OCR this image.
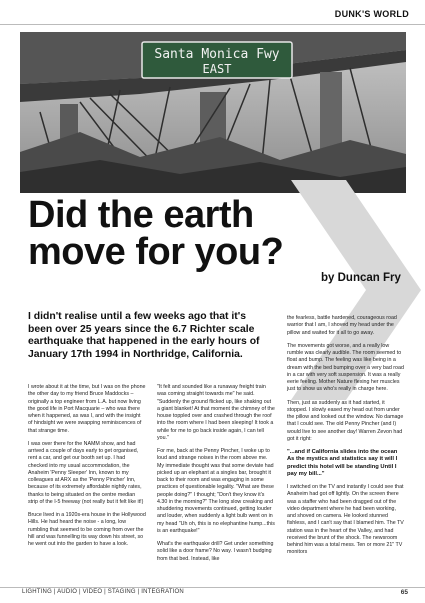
DUNK'S WORLD
Santa Monica Fwy
EAST
Did the earth
move for you?
by Duncan Fry
I didn't realise until a few weeks ago that it's been over 25 years since the 6.7 Richter scale earthquake that happened in the early hours of January 17th 1994 in Northridge, California.

I wrote about it at the time, but I was on the phone the other day to my friend Bruce Maddocks – originally a top engineer from L.A. but now living the good life in Port Macquarie – who was there when it happened, as was I, and with the insight of hindsight we were swapping reminiscences of that strange time.

I was over there for the NAMM show, and had arrived a couple of days early to get organised, rent a car, and get our booth set up. I had checked into my usual accommodation, the Anaheim 'Penny Sleeper' Inn, known to my colleagues at ARX as the 'Penny Pincher' Inn, because of its extremely affordable nightly rates, thanks to being situated on the centre median strip of the I-5 freeway (not really but it felt like it!)

Bruce lived in a 1920s-era house in the Hollywood Hills. He had heard the noise - a long, low rumbling that seemed to be coming from over the hill and was funnelling its way down his street, so he went out into the garden to have a look.

"It felt and sounded like a runaway freight train was coming straight towards me" he said. "Suddenly the ground flicked up, like shaking out a giant blanket! At that moment the chimney of the house toppled over and crashed through the roof into the room where I had been sleeping! It took a while for me to go back inside again, I can tell you."

For me, back at the Penny Pincher, I woke up to loud and strange noises in the room above me. My immediate thought was that some deviate had picked up an elephant at a singles bar, brought it back to their room and was engaging in some practices of questionable legality. "What are these people doing?" I thought; "Don't they know it's 4.30 in the morning?" The long slow creaking and shuddering movements continued, getting louder and louder, when suddenly a light bulb went on in my head "Uh oh, this is no elephantine hump...this is an earthquake!"

What's the earthquake drill? Get under something solid like a door frame? No way. I wasn't budging from that bed. Instead, like

the fearless, battle hardened, courageous road warrior that I am, I shoved my head under the pillow and waited for it all to go away.

The movements got worse, and a really low rumble was clearly audible. The room seemed to float and bump. The feeling was like being in a dream with the bed bumping over a very bad road in a car with very soft suspension. It was a really eerie feeling. Mother Nature flexing her muscles just to show us who's really in charge here.

Then, just as suddenly as it had started, it stopped. I slowly eased my head out from under the pillow and looked out the window. No damage that I could see. The old Penny Pincher (and I) would live to see another day! Warren Zevon had got it right:

"...and if California slides into the ocean As the mystics and statistics say it will I predict this hotel will be standing Until I pay my bill..."

I switched on the TV and instantly I could see that Anaheim had got off lightly. On the screen there was a staffer who had been dragged out of the video department where he had been working, and shoved on camera. He looked stunned fishless, and I can't say that I blamed him. The TV station was in the heart of the Valley, and had received the brunt of the shock. The newsroom behind him was a total mess. Ten or more 21" TV monitors

LIGHTING | AUDIO | VIDEO | STAGING | INTEGRATION	65
